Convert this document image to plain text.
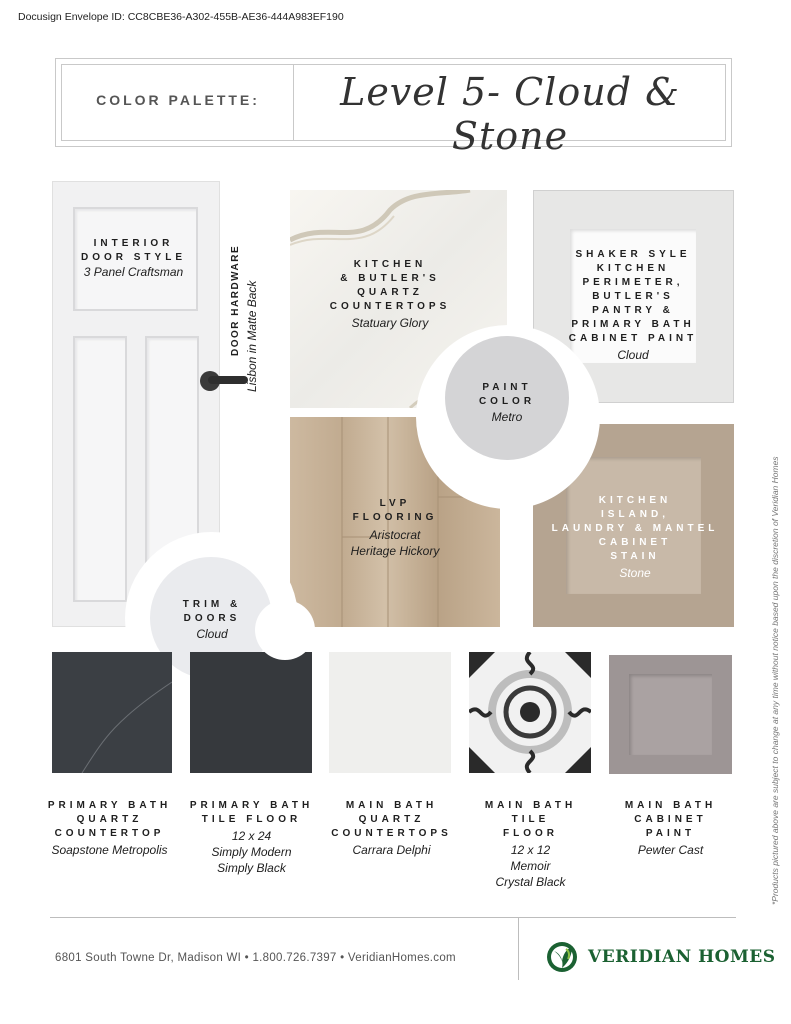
Docusign Envelope ID: CC8CBE36-A302-455B-AE36-444A983EF190
COLOR PALETTE:	Level 5- Cloud & Stone
INTERIOR
DOOR STYLE
3 Panel Craftsman	DOOR HARDWARE Lisbon in Matte Back
KITCHEN
& BUTLER'S
QUARTZ
COUNTERTOPS
Statuary Glory
SHAKER SYLE
KITCHEN
PERIMETER,
BUTLER'S
PANTRY &
PRIMARY BATH
CABINET PAINT
Cloud
LVP
FLOORING
Aristocrat
Heritage Hickory
KITCHEN
ISLAND,
LAUNDRY & MANTEL
CABINET
STAIN
Stone
PAINT
COLOR
Metro
TRIM &
DOORS
Cloud
PRIMARY BATH
QUARTZ
COUNTERTOP
Soapstone Metropolis
PRIMARY BATH
TILE FLOOR
12 x 24
Simply Modern
Simply Black
MAIN BATH
QUARTZ
COUNTERTOPS
Carrara Delphi
MAIN BATH
TILE
FLOOR
12 x 12
Memoir
Crystal Black
MAIN BATH
CABINET
PAINT
Pewter Cast	*Products pictured above are subject to change at any time without notice based upon the discretion of Veridian Homes
6801 South Towne Dr, Madison WI • 1.800.726.7397 • VeridianHomes.com	VERIDIAN HOMES
